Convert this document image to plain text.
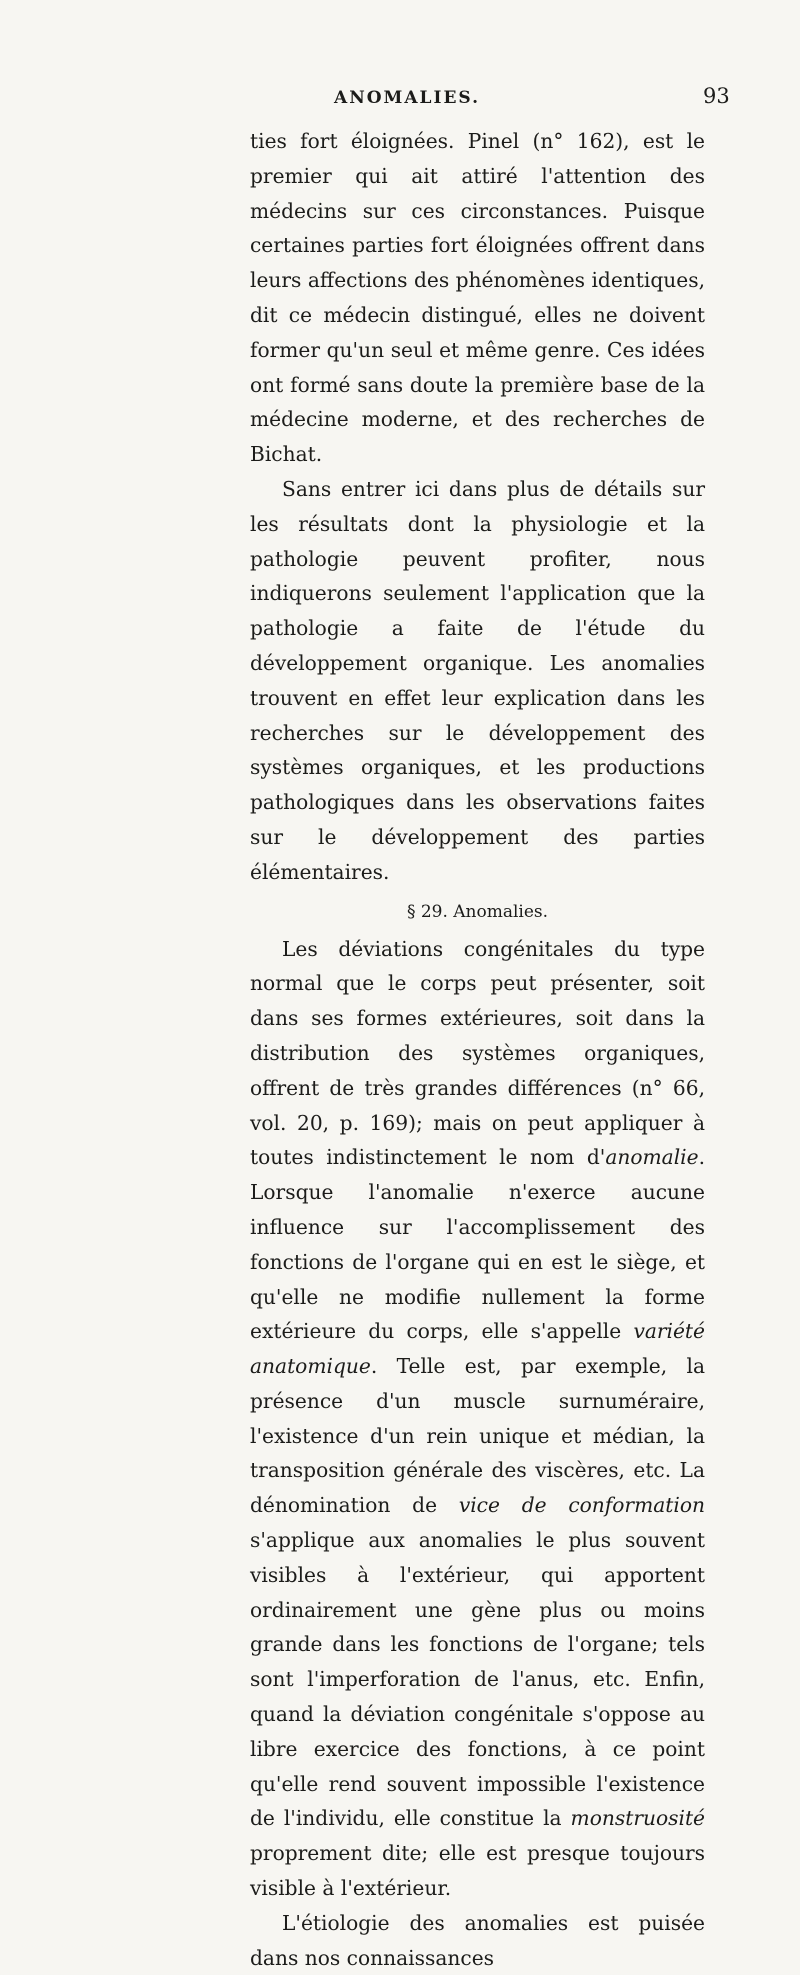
ANOMALIES.	93

ties fort éloignées. Pinel (n° 162), est le premier qui ait attiré l'attention des médecins sur ces circonstances. Puisque certaines parties fort éloignées offrent dans leurs affections des phénomènes identiques, dit ce médecin distingué, elles ne doivent former qu'un seul et même genre. Ces idées ont formé sans doute la première base de la médecine moderne, et des recherches de Bichat.

Sans entrer ici dans plus de détails sur les résultats dont la physiologie et la pathologie peuvent profiter, nous indiquerons seulement l'application que la pathologie a faite de l'étude du développement organique. Les anomalies trouvent en effet leur explication dans les recherches sur le développement des systèmes organiques, et les productions pathologiques dans les observations faites sur le développement des parties élémentaires.

§ 29. Anomalies.

Les déviations congénitales du type normal que le corps peut présenter, soit dans ses formes extérieures, soit dans la distribution des systèmes organiques, offrent de très grandes différences (n° 66, vol. 20, p. 169); mais on peut appliquer à toutes indistinctement le nom d'anomalie. Lorsque l'anomalie n'exerce aucune influence sur l'accomplissement des fonctions de l'organe qui en est le siège, et qu'elle ne modifie nullement la forme extérieure du corps, elle s'appelle variété anatomique. Telle est, par exemple, la présence d'un muscle surnuméraire, l'existence d'un rein unique et médian, la transposition générale des viscères, etc. La dénomination de vice de conformation s'applique aux anomalies le plus souvent visibles à l'extérieur, qui apportent ordinairement une gène plus ou moins grande dans les fonctions de l'organe; tels sont l'imperforation de l'anus, etc. Enfin, quand la déviation congénitale s'oppose au libre exercice des fonctions, à ce point qu'elle rend souvent impossible l'existence de l'individu, elle constitue la monstruosité proprement dite; elle est presque toujours visible à l'extérieur.

L'étiologie des anomalies est puisée dans nos connaissances
